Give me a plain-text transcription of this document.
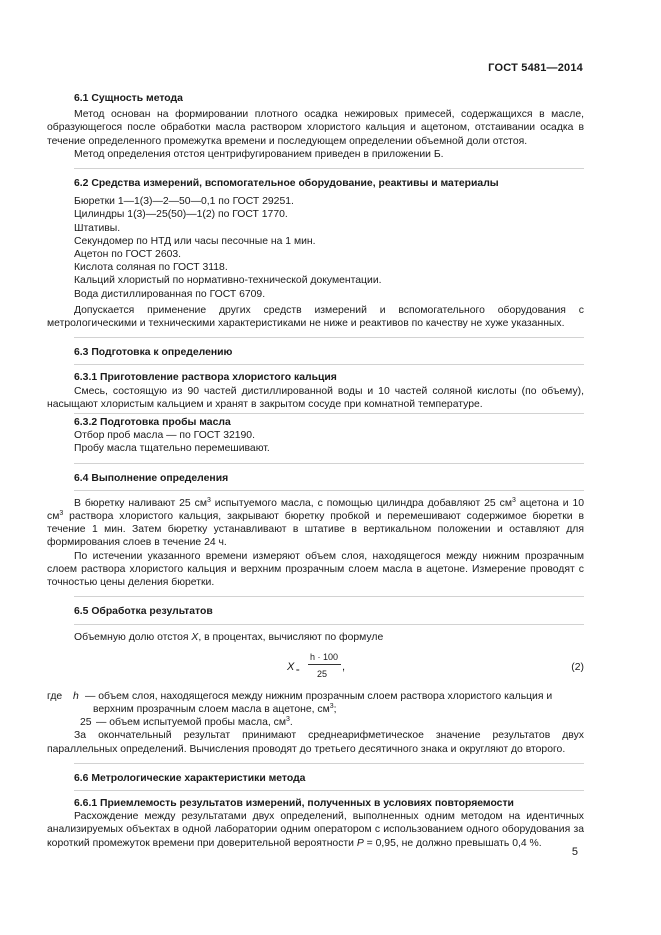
ГОСТ 5481—2014

6.1 Сущность метода

Метод основан на формировании плотного осадка нежировых примесей, содержащихся в масле, образующегося после обработки масла раствором хлористого кальция и ацетоном, отстаивании осадка в течение определенного промежутка времени и последующем определении объемной доли отстоя.

Метод определения отстоя центрифугированием приведен в приложении Б.

6.2 Средства измерений, вспомогательное оборудование, реактивы и материалы

Бюретки 1—1(3)—2—50—0,1 по ГОСТ 29251.

Цилиндры 1(3)—25(50)—1(2) по ГОСТ 1770.

Штативы.

Секундомер по НТД или часы песочные на 1 мин.

Ацетон по ГОСТ 2603.

Кислота соляная по ГОСТ 3118.

Кальций хлористый по нормативно-технической документации.

Вода дистиллированная по ГОСТ 6709.

Допускается применение других средств измерений и вспомогательного оборудования с метрологическими и техническими характеристиками не ниже и реактивов по качеству не хуже указанных.

6.3 Подготовка к определению

6.3.1 Приготовление раствора хлористого кальция

Смесь, состоящую из 90 частей дистиллированной воды и 10 частей соляной кислоты (по объему), насыщают хлористым кальцием и хранят в закрытом сосуде при комнатной температуре.

6.3.2 Подготовка пробы масла

Отбор проб масла — по ГОСТ 32190.

Пробу масла тщательно перемешивают.

6.4 Выполнение определения

В бюретку наливают 25 $см^3$ испытуемого масла, с помощью цилиндра добавляют 25 $см^3$ ацетона и 10 $см^3$ раствора хлористого кальция, закрывают бюретку пробкой и перемешивают содержимое бюретки в течение 1 мин. Затем бюретку устанавливают в штативе в вертикальном положении и оставляют для формирования слоев в течение 24 ч.

По истечении указанного времени измеряют объем слоя, находящегося между нижним прозрачным слоем раствора хлористого кальция и верхним прозрачным слоем масла в ацетоне. Измерение проводят с точностью цены деления бюретки.

6.5 Обработка результатов

Объемную долю отстоя X, в процентах, вычисляют по формуле

X =
h · 100
25
,	(2)
где	h — объем слоя, находящегося между нижним прозрачным слоем раствора хлористого кальция и
верхним прозрачным слоем масла в ацетоне, $см^3$;
25 — объем испытуемой пробы масла, $см^3$.

За окончательный результат принимают среднеарифметическое значение результатов двух параллельных определений. Вычисления проводят до третьего десятичного знака и округляют до второго.

6.6 Метрологические характеристики метода

6.6.1 Приемлемость результатов измерений, полученных в условиях повторяемости

Расхождение между результатами двух определений, выполненных одним методом на идентичных анализируемых объектах в одной лаборатории одним оператором с использованием одного оборудования за короткий промежуток времени при доверительной вероятности P = 0,95, не должно превышать 0,4 %.

5
